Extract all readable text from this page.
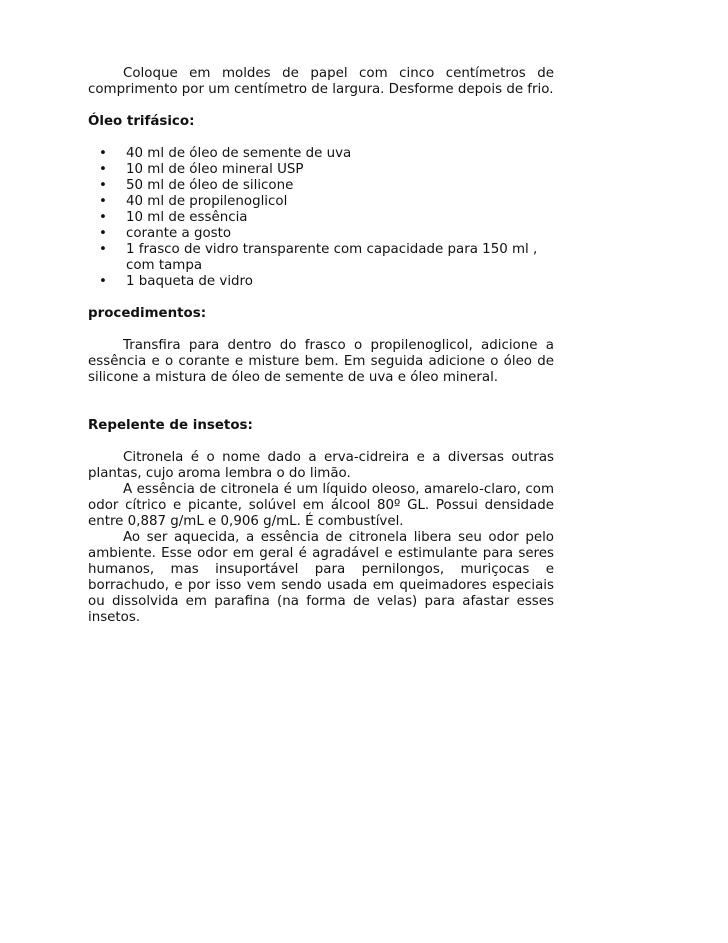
Coloque em moldes de papel com cinco centímetros de comprimento por um centímetro de largura. Desforme depois de frio.

Óleo trifásico:

• 40 ml de óleo de semente de uva
• 10 ml de óleo mineral USP
• 50 ml de óleo de silicone
• 40 ml de propilenoglicol
• 10 ml de essência
• corante a gosto
• 1 frasco de vidro transparente com capacidade para 150 ml , com tampa
• 1 baqueta de vidro

procedimentos:

Transfira para dentro do frasco o propilenoglicol, adicione a essência e o corante e misture bem. Em seguida adicione o óleo de silicone a mistura de óleo de semente de uva e óleo mineral.

Repelente de insetos:

Citronela é o nome dado a erva-cidreira e a diversas outras plantas, cujo aroma lembra o do limão.

A essência de citronela é um líquido oleoso, amarelo-claro, com odor cítrico e picante, solúvel em álcool 80º GL. Possui densidade entre 0,887 g/mL e 0,906 g/mL. É combustível.

Ao ser aquecida, a essência de citronela libera seu odor pelo ambiente. Esse odor em geral é agradável e estimulante para seres humanos, mas insuportável para pernilongos, muriçocas e borrachudo, e por isso vem sendo usada em queimadores especiais ou dissolvida em parafina (na forma de velas) para afastar esses insetos.
